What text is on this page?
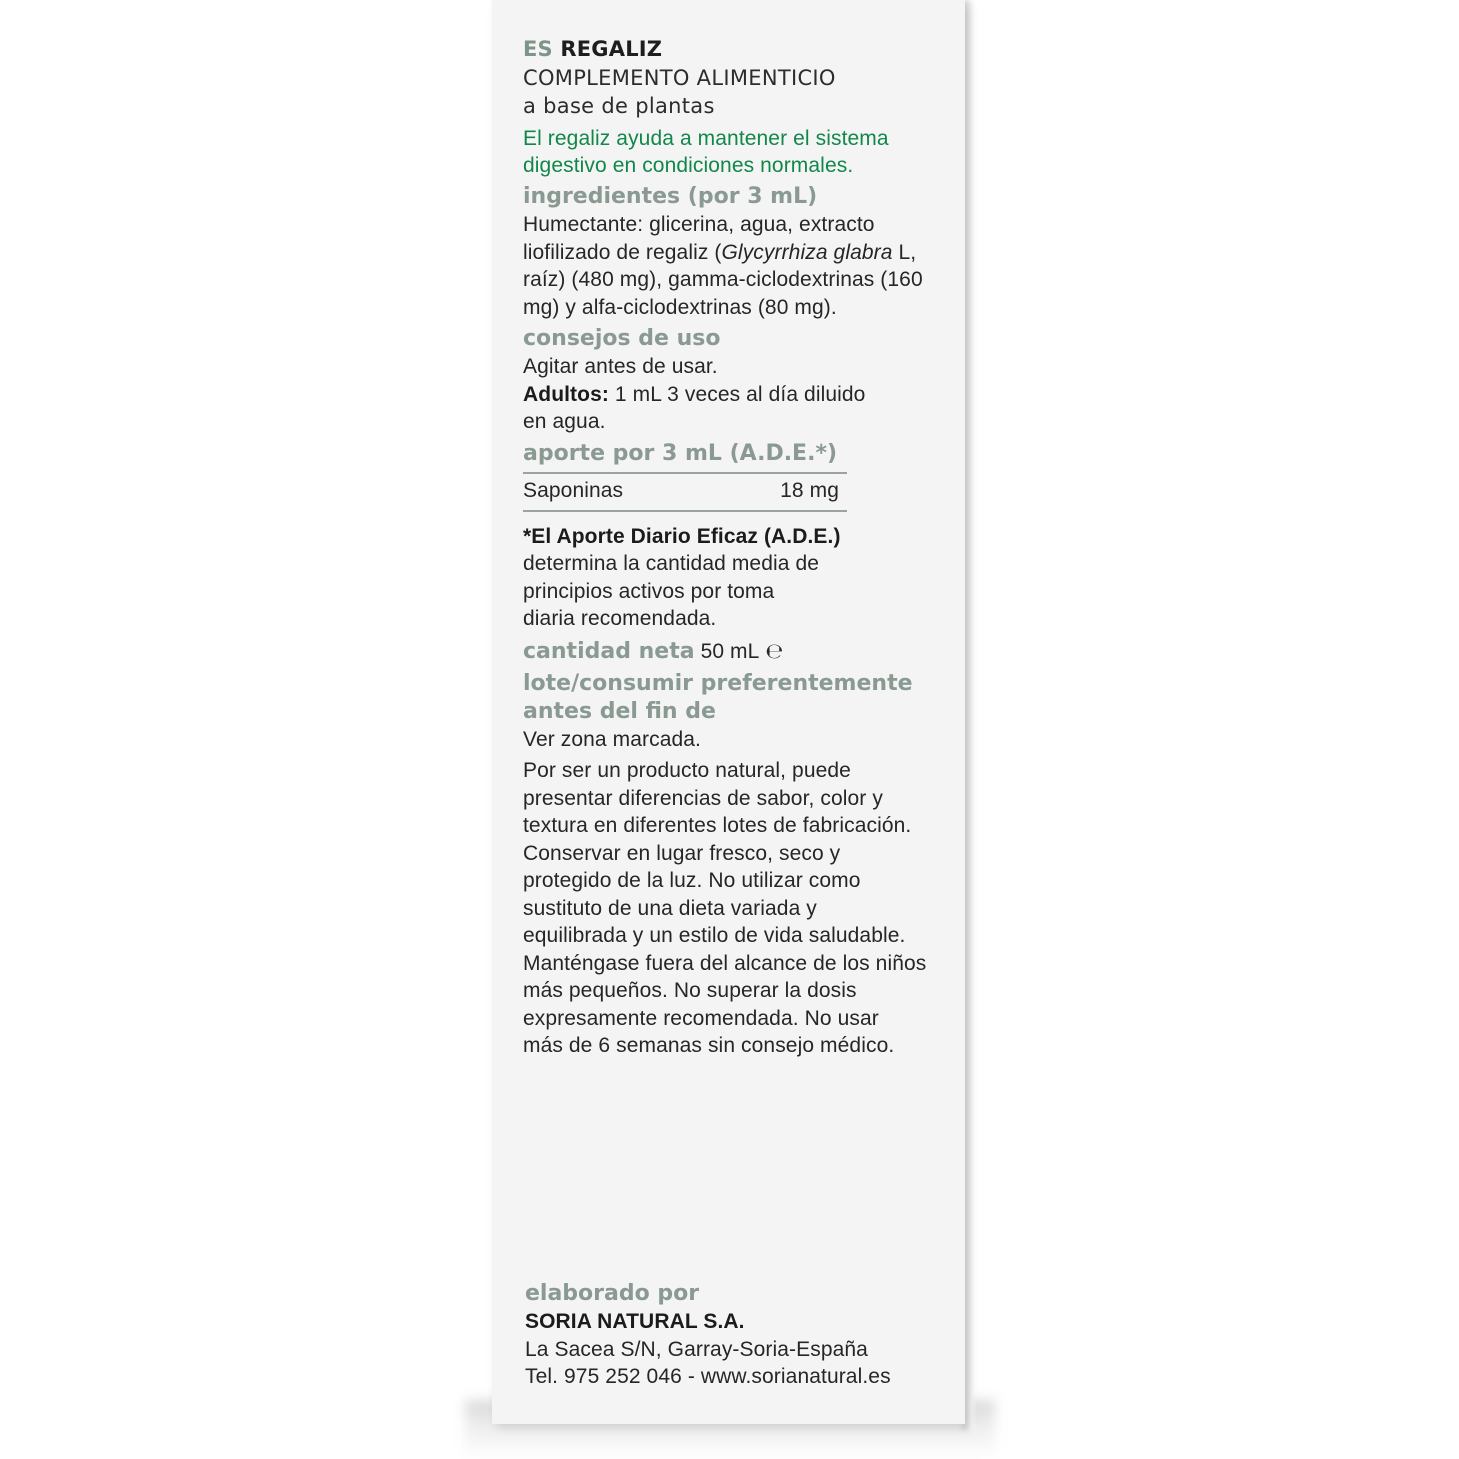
ES REGALIZ
COMPLEMENTO ALIMENTICIO
a base de plantas
El regaliz ayuda a mantener el sistema
digestivo en condiciones normales.
ingredientes (por 3 mL)
Humectante: glicerina, agua, extracto
liofilizado de regaliz (Glycyrrhiza glabra L,
raíz) (480 mg), gamma-ciclodextrinas (160
mg) y alfa-ciclodextrinas (80 mg).
consejos de uso
Agitar antes de usar.
Adultos: 1 mL 3 veces al día diluido
en agua.
aporte por 3 mL (A.D.E.*)
Saponinas	18 mg
*El Aporte Diario Eficaz (A.D.E.)
determina la cantidad media de
principios activos por toma
diaria recomendada.
cantidad neta 50 mL ℮
lote/consumir preferentemente
antes del fin de
Ver zona marcada.
Por ser un producto natural, puede
presentar diferencias de sabor, color y
textura en diferentes lotes de fabricación.
Conservar en lugar fresco, seco y
protegido de la luz. No utilizar como
sustituto de una dieta variada y
equilibrada y un estilo de vida saludable.
Manténgase fuera del alcance de los niños
más pequeños. No superar la dosis
expresamente recomendada. No usar
más de 6 semanas sin consejo médico.
elaborado por
SORIA NATURAL S.A.
La Sacea S/N, Garray-Soria-España
Tel. 975 252 046 - www.sorianatural.es
